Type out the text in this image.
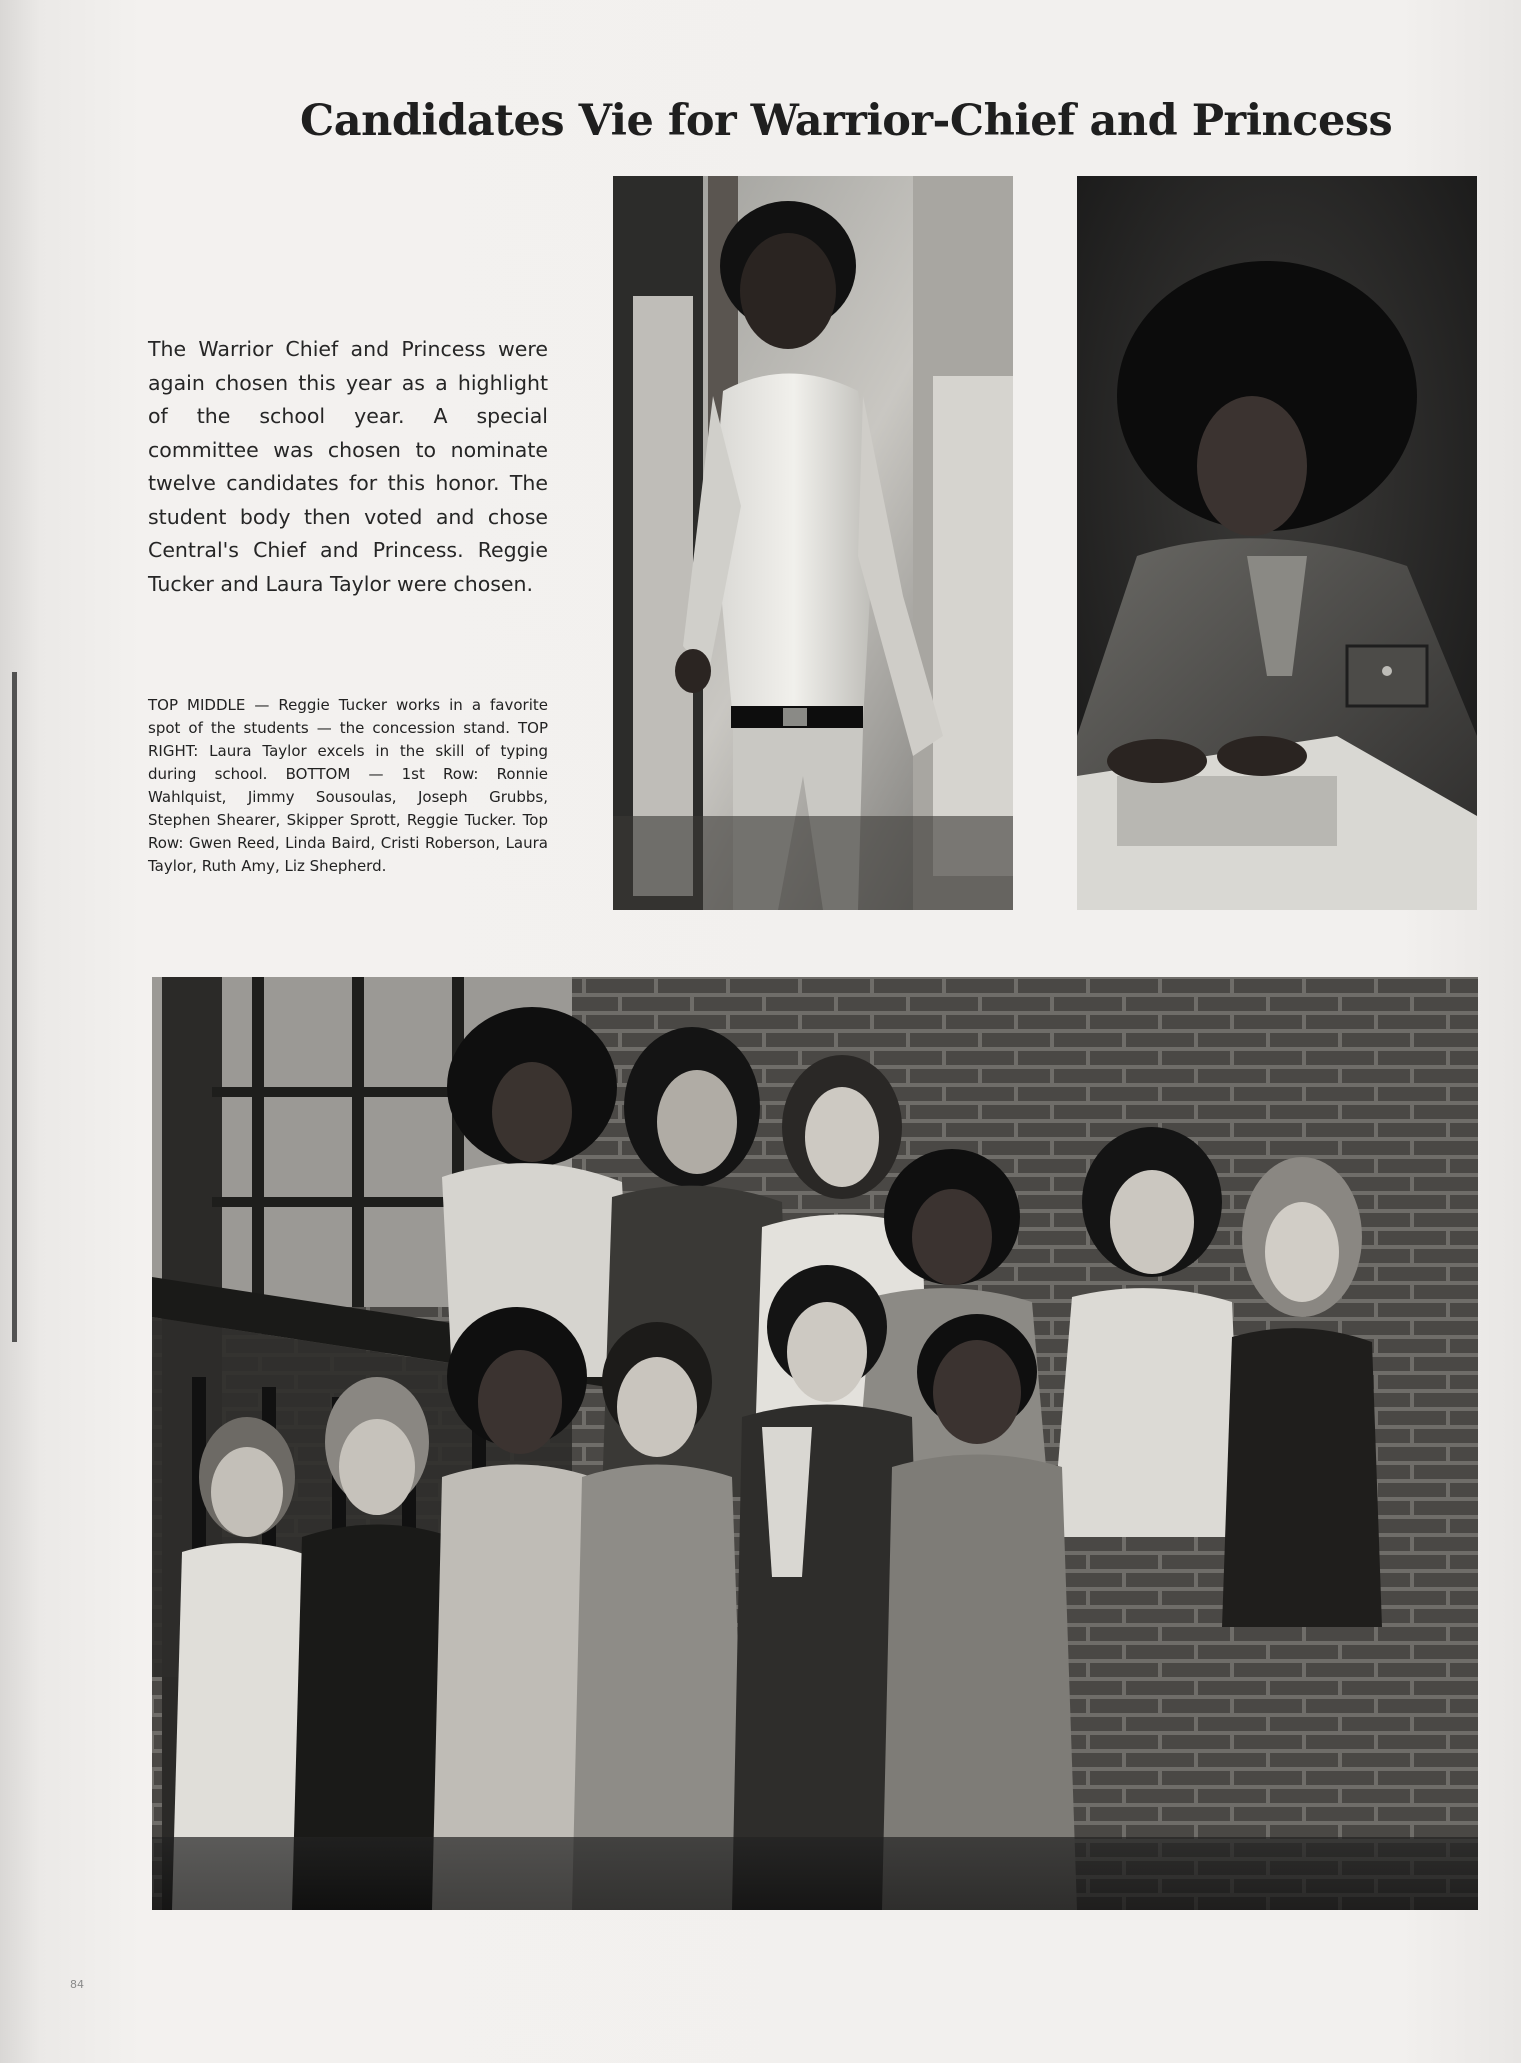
Candidates Vie for Warrior-Chief and Princess

The Warrior Chief and Princess were again chosen this year as a highlight of the school year. A special committee was chosen to nominate twelve candidates for this honor. The student body then voted and chose Central's Chief and Princess. Reggie Tucker and Laura Taylor were chosen.

TOP MIDDLE — Reggie Tucker works in a favorite spot of the students — the concession stand. TOP RIGHT: Laura Taylor excels in the skill of typing during school. BOTTOM — 1st Row: Ronnie Wahlquist, Jimmy Sousoulas, Joseph Grubbs, Stephen Shearer, Skipper Sprott, Reggie Tucker. Top Row: Gwen Reed, Linda Baird, Cristi Roberson, Laura Taylor, Ruth Amy, Liz Shepherd.

84
